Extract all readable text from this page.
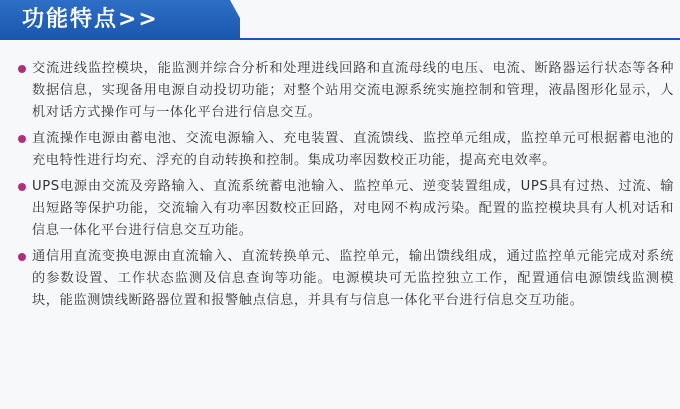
功能特点>>
交流进线监控模块，能监测并综合分析和处理进线回路和直流母线的电压、电流、断路器运行状态等各种数据信息，实现备用电源自动投切功能；对整个站用交流电源系统实施控制和管理，液晶图形化显示，人机对话方式操作可与一体化平台进行信息交互。
直流操作电源由蓄电池、交流电源输入、充电装置、直流馈线、监控单元组成，监控单元可根据蓄电池的充电特性进行均充、浮充的自动转换和控制。集成功率因数校正功能，提高充电效率。
UPS电源由交流及旁路输入、直流系统蓄电池输入、监控单元、逆变装置组成，UPS具有过热、过流、输出短路等保护功能，交流输入有功率因数校正回路，对电网不构成污染。配置的监控模块具有人机对话和信息一体化平台进行信息交互功能。
通信用直流变换电源由直流输入、直流转换单元、监控单元，输出馈线组成，通过监控单元能完成对系统的参数设置、工作状态监测及信息查询等功能。电源模块可无监控独立工作，配置通信电源馈线监测模块，能监测馈线断路器位置和报警触点信息，并具有与信息一体化平台进行信息交互功能。
